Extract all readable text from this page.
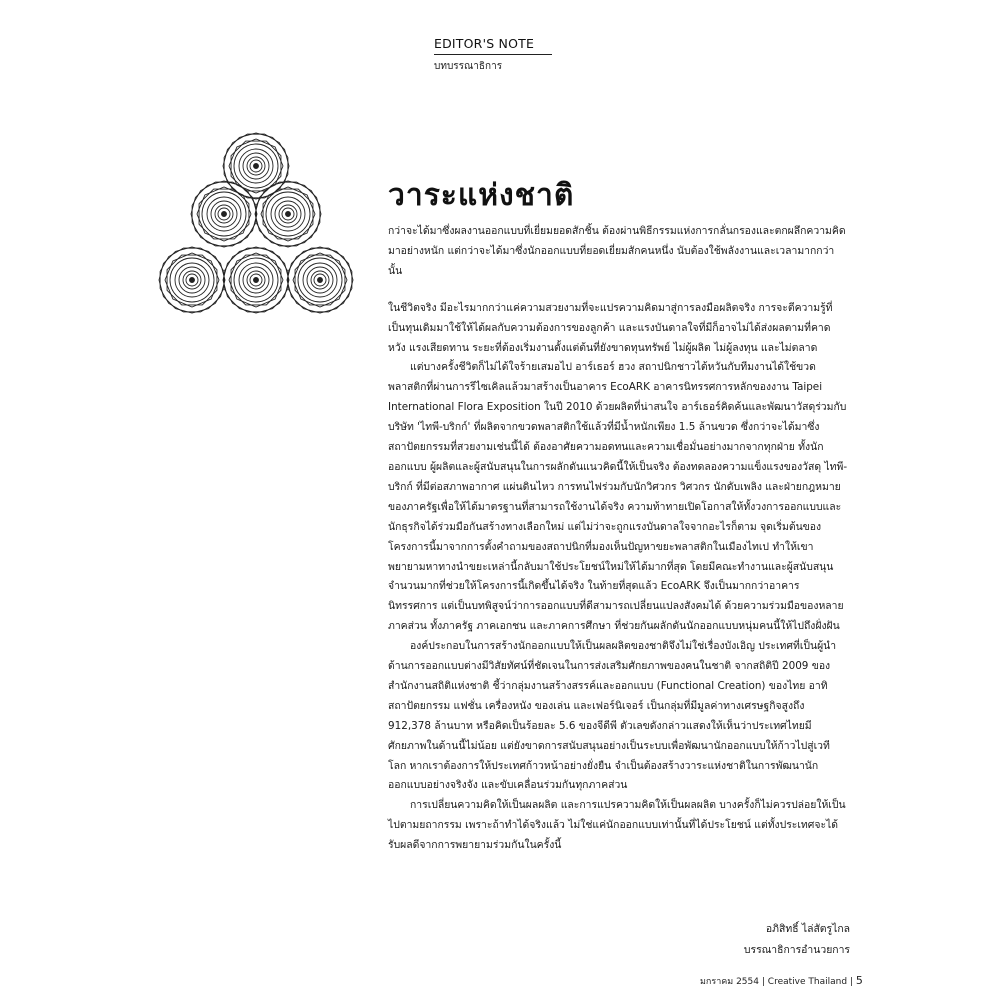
EDITOR'S NOTE
บทบรรณาธิการ
วาระแห่งชาติ

กว่าจะได้มาซึ่งผลงานออกแบบที่เยี่ยมยอดสักชิ้น ต้องผ่านพิธีกรรมแห่งการกลั่นกรองและตกผลึกความคิดมาอย่างหนัก แต่กว่าจะได้มาซึ่งนักออกแบบที่ยอดเยี่ยมสักคนหนึ่ง นับต้องใช้พลังงานและเวลามากกว่านั้น

ในชีวิตจริง มีอะไรมากกว่าแค่ความสวยงามที่จะแปรความคิดมาสู่การลงมือผลิตจริง การจะตีความรู้ที่เป็นทุนเดิมมาใช้ให้ได้ผลกับความต้องการของลูกค้า และแรงบันดาลใจที่มีก็อาจไม่ได้ส่งผลตามที่คาดหวัง แรงเสียดทาน ระยะที่ต้องเริ่มงานตั้งแต่ต้นที่ยังขาดทุนทรัพย์ ไม่ผู้ผลิต ไม่ผู้ลงทุน และไม่ตลาด

แต่บางครั้งชีวิตก็ไม่ได้ใจร้ายเสมอไป อาร์เธอร์ ฮวง สถาปนิกชาวไต้หวันกับทีมงานได้ใช้ขวดพลาสติกที่ผ่านการรีไซเคิลแล้วมาสร้างเป็นอาคาร EcoARK อาคารนิทรรศการหลักของงาน Taipei International Flora Exposition ในปี 2010 ด้วยผลิตที่น่าสนใจ อาร์เธอร์คิดค้นและพัฒนาวัสดุร่วมกับบริษัท 'ไทพี-บริกก์' ที่ผลิตจากขวดพลาสติกใช้แล้วที่มีน้ำหนักเพียง 1.5 ล้านขวด ซึ่งกว่าจะได้มาซึ่งสถาปัตยกรรมที่สวยงามเช่นนี้ได้ ต้องอาศัยความอดทนและความเชื่อมั่นอย่างมากจากทุกฝ่าย ทั้งนักออกแบบ ผู้ผลิตและผู้สนับสนุนในการผลักดันแนวคิดนี้ให้เป็นจริง ต้องทดลองความแข็งแรงของวัสดุ ไทพี-บริกก์ ที่มีต่อสภาพอากาศ แผ่นดินไหว การทนไฟร่วมกับนักวิศวกร วิศวกร นักดับเพลิง และฝ่ายกฎหมายของภาครัฐเพื่อให้ได้มาตรฐานที่สามารถใช้งานได้จริง ความท้าทายเปิดโอกาสให้ทั้งวงการออกแบบและนักธุรกิจได้ร่วมมือกันสร้างทางเลือกใหม่ แต่ไม่ว่าจะถูกแรงบันดาลใจจากอะไรก็ตาม จุดเริ่มต้นของโครงการนี้มาจากการตั้งคำถามของสถาปนิกที่มองเห็นปัญหาขยะพลาสติกในเมืองไทเป ทำให้เขาพยายามหาทางนำขยะเหล่านี้กลับมาใช้ประโยชน์ใหม่ให้ได้มากที่สุด โดยมีคณะทำงานและผู้สนับสนุนจำนวนมากที่ช่วยให้โครงการนี้เกิดขึ้นได้จริง ในท้ายที่สุดแล้ว EcoARK จึงเป็นมากกว่าอาคารนิทรรศการ แต่เป็นบทพิสูจน์ว่าการออกแบบที่ดีสามารถเปลี่ยนแปลงสังคมได้ ด้วยความร่วมมือของหลายภาคส่วน ทั้งภาครัฐ ภาคเอกชน และภาคการศึกษา ที่ช่วยกันผลักดันนักออกแบบหนุ่มคนนี้ให้ไปถึงฝั่งฝัน

องค์ประกอบในการสร้างนักออกแบบให้เป็นผลผลิตของชาติจึงไม่ใช่เรื่องบังเอิญ ประเทศที่เป็นผู้นำด้านการออกแบบต่างมีวิสัยทัศน์ที่ชัดเจนในการส่งเสริมศักยภาพของคนในชาติ จากสถิติปี 2009 ของสำนักงานสถิติแห่งชาติ ชี้ว่ากลุ่มงานสร้างสรรค์และออกแบบ (Functional Creation) ของไทย อาทิ สถาปัตยกรรม แฟชั่น เครื่องหนัง ของเล่น และเฟอร์นิเจอร์ เป็นกลุ่มที่มีมูลค่าทางเศรษฐกิจสูงถึง 912,378 ล้านบาท หรือคิดเป็นร้อยละ 5.6 ของจีดีพี ตัวเลขดังกล่าวแสดงให้เห็นว่าประเทศไทยมีศักยภาพในด้านนี้ไม่น้อย แต่ยังขาดการสนับสนุนอย่างเป็นระบบเพื่อพัฒนานักออกแบบให้ก้าวไปสู่เวทีโลก หากเราต้องการให้ประเทศก้าวหน้าอย่างยั่งยืน จำเป็นต้องสร้างวาระแห่งชาติในการพัฒนานักออกแบบอย่างจริงจัง และขับเคลื่อนร่วมกันทุกภาคส่วน

การเปลี่ยนความคิดให้เป็นผลผลิต และการแปรความคิดให้เป็นผลผลิต บางครั้งก็ไม่ควรปล่อยให้เป็นไปตามยถากรรม เพราะถ้าทำได้จริงแล้ว ไม่ใช่แค่นักออกแบบเท่านั้นที่ได้ประโยชน์ แต่ทั้งประเทศจะได้รับผลดีจากการพยายามร่วมกันในครั้งนี้

อภิสิทธิ์ ไล่สัตรูไกล
บรรณาธิการอำนวยการ
มกราคม 2554 | Creative Thailand | 5
